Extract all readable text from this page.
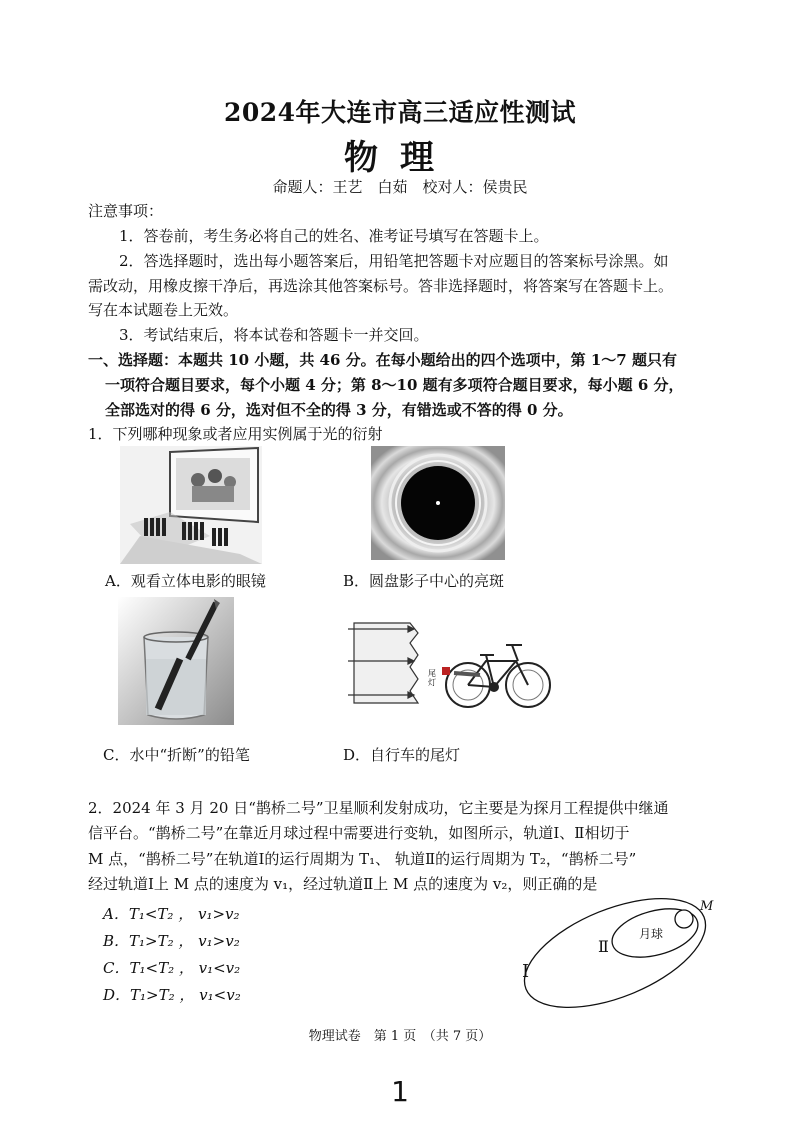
2024年大连市高三适应性测试
物理
命题人：王艺　白茹　校对人：侯贵民
注意事项：
1．答卷前，考生务必将自己的姓名、准考证号填写在答题卡上。
2．答选择题时，选出每小题答案后，用铅笔把答题卡对应题目的答案标号涂黑。如
需改动，用橡皮擦干净后，再选涂其他答案标号。答非选择题时，将答案写在答题卡上。
写在本试题卷上无效。
3．考试结束后，将本试卷和答题卡一并交回。
一、选择题：本题共 10 小题，共 46 分。在每小题给出的四个选项中，第 1～7 题只有
一项符合题目要求，每个小题 4 分；第 8～10 题有多项符合题目要求，每小题 6 分，
全部选对的得 6 分，选对但不全的得 3 分，有错选或不答的得 0 分。
1．下列哪种现象或者应用实例属于光的衍射
A．观看立体电影的眼镜	B．圆盘影子中心的亮斑
C．水中“折断”的铅笔
尾灯
D．自行车的尾灯
2．2024 年 3 月 20 日“鹊桥二号”卫星顺利发射成功，它主要是为探月工程提供中继通
信平台。“鹊桥二号”在靠近月球过程中需要进行变轨，如图所示，轨道Ⅰ、Ⅱ相切于
M 点，“鹊桥二号”在轨道Ⅰ的运行周期为 T₁、 轨道Ⅱ的运行周期为 T₂，“鹊桥二号”
经过轨道Ⅰ上 M 点的速度为 v₁，经过轨道Ⅱ上 M 点的速度为 v₂，则正确的是
A．T₁<T₂ ， v₁>v₂
B．T₁>T₂ ， v₁>v₂
C．T₁<T₂ ， v₁<v₂
D．T₁>T₂ ， v₁<v₂
M
月球
Ⅱ
Ⅰ
物理试卷　第 1 页　（共 7 页）
1
